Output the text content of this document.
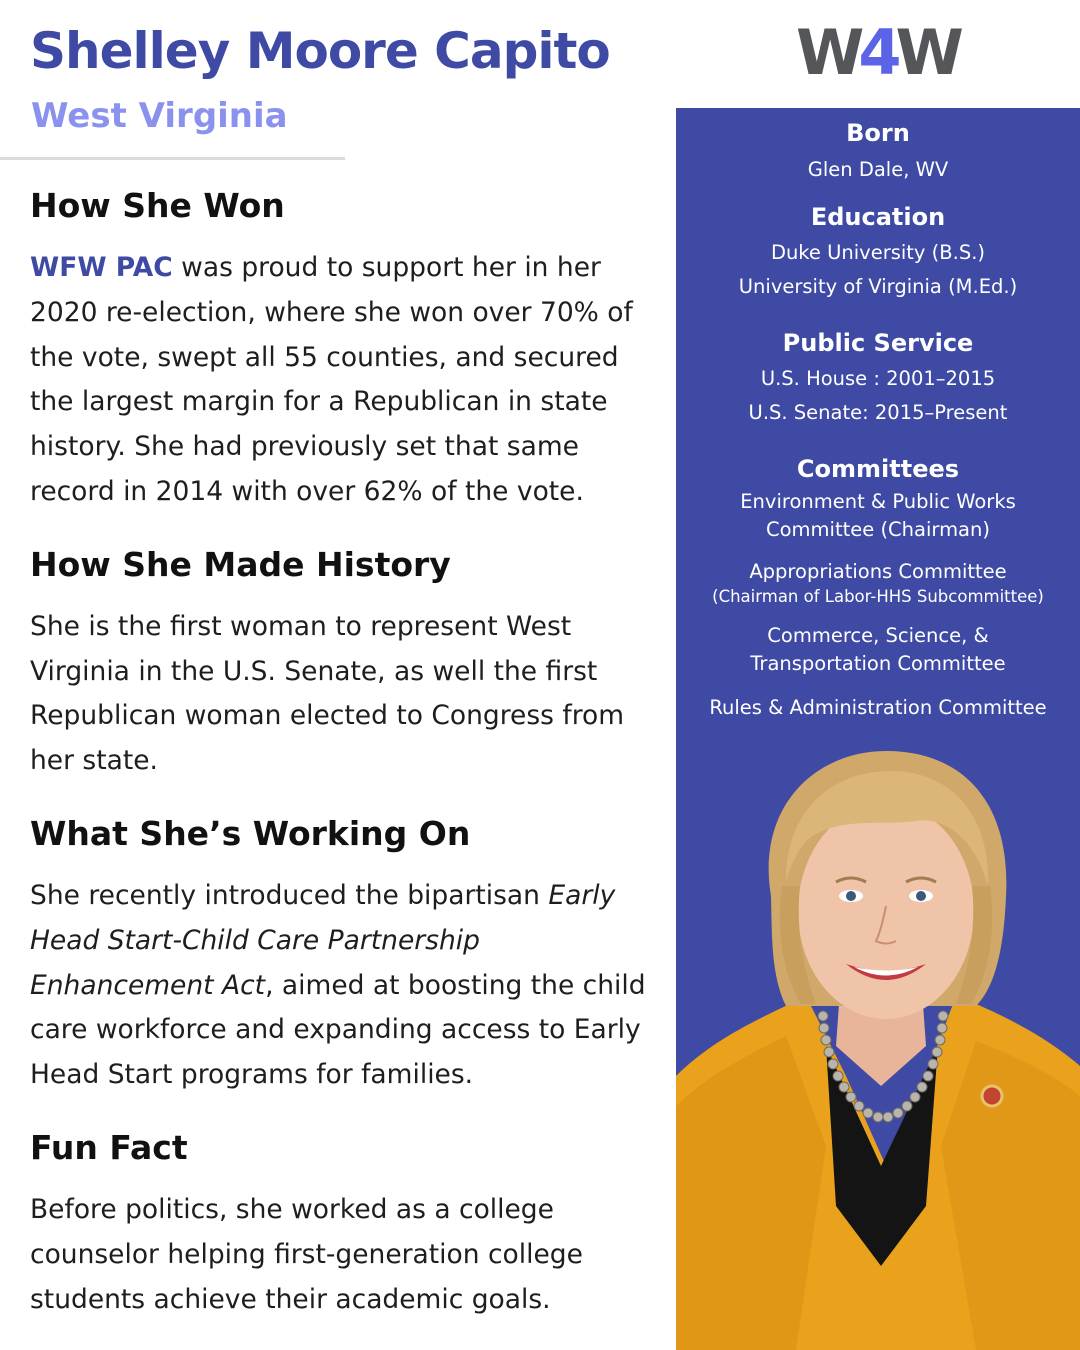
Shelley Moore Capito
West Virginia
W4W
How She Won
WFW PAC was proud to support her in her 2020 re-election, where she won over 70% of the vote, swept all 55 counties, and secured the largest margin for a Republican in state history. She had previously set that same record in 2014 with over 62% of the vote.
How She Made History
She is the first woman to represent West Virginia in the U.S. Senate, as well the first Republican woman elected to Congress from her state.
What She’s Working On
She recently introduced the bipartisan Early Head Start-Child Care Partnership Enhancement Act, aimed at boosting the child care workforce and expanding access to Early Head Start programs for families.
Fun Fact
Before politics, she worked as a college counselor helping first-generation college students achieve their academic goals.
Born
Glen Dale, WV
Education
Duke University (B.S.)
University of Virginia (M.Ed.)
Public Service
U.S. House : 2001–2015
U.S. Senate: 2015–Present
Committees
Environment & Public Works
Committee (Chairman)
Appropriations Committee
(Chairman of Labor-HHS Subcommittee)
Commerce, Science, &
Transportation Committee
Rules & Administration Committee
